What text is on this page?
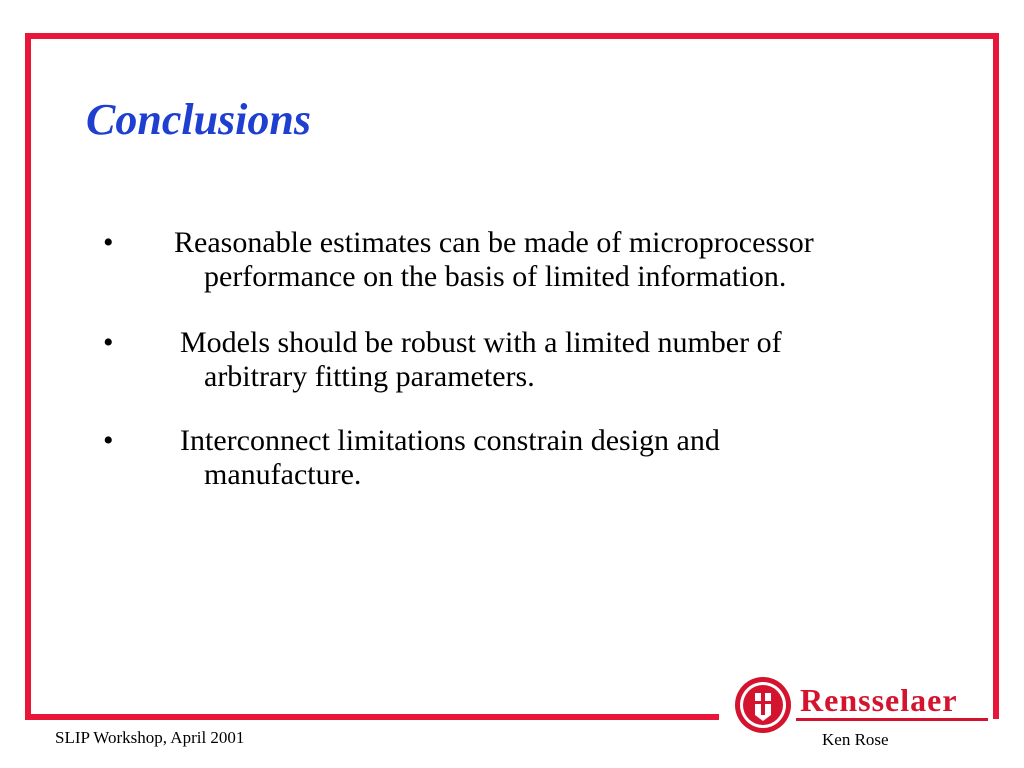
Conclusions
• Reasonable estimates can be made of microprocessor
performance on the basis of limited information.
• Models should be robust with a limited number of
arbitrary fitting parameters.
• Interconnect limitations constrain design and
manufacture.
SLIP Workshop, April 2001
Rensselaer
Ken Rose
